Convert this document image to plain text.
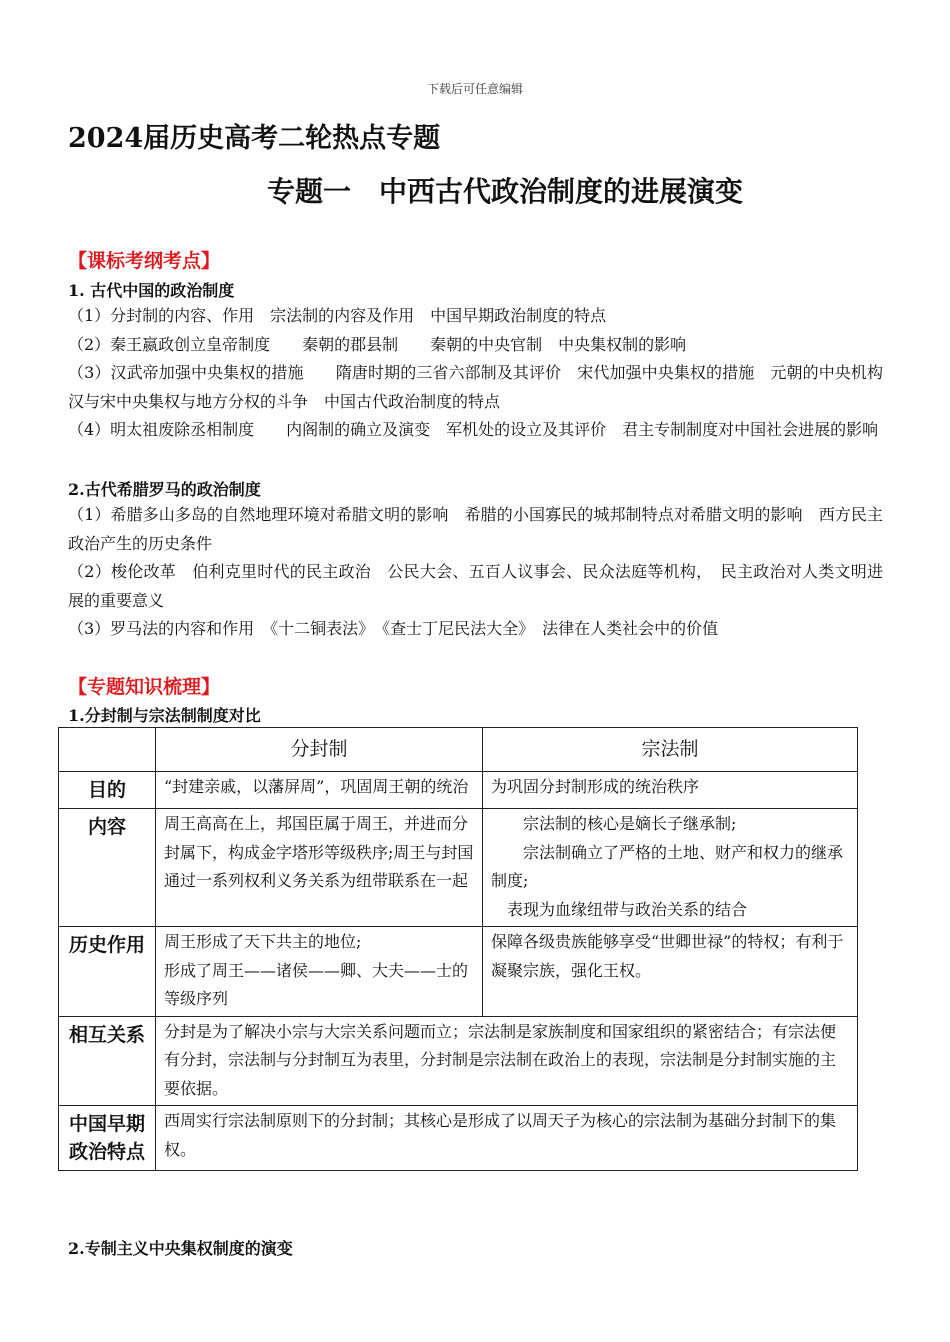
下载后可任意编辑
2024届历史高考二轮热点专题
专题一　中西古代政治制度的进展演变
【课标考纲考点】
1. 古代中国的政治制度
（1）分封制的内容、作用　宗法制的内容及作用　中国早期政治制度的特点
（2）秦王嬴政创立皇帝制度　　秦朝的郡县制　　秦朝的中央官制　中央集权制的影响
（3）汉武帝加强中央集权的措施　　隋唐时期的三省六部制及其评价　宋代加强中央集权的措施　元朝的中央机构　汉与宋中央集权与地方分权的斗争　中国古代政治制度的特点
（4）明太祖废除丞相制度　　内阁制的确立及演变　军机处的设立及其评价　君主专制制度对中国社会进展的影响
2.古代希腊罗马的政治制度
（1）希腊多山多岛的自然地理环境对希腊文明的影响　希腊的小国寡民的城邦制特点对希腊文明的影响　西方民主政治产生的历史条件
（2）梭伦改革　伯利克里时代的民主政治　公民大会、五百人议事会、民众法庭等机构，　民主政治对人类文明进展的重要意义
（3）罗马法的内容和作用　《十二铜表法》　《查士丁尼民法大全》　法律在人类社会中的价值
【专题知识梳理】
1.分封制与宗法制制度对比
	分封制	宗法制
目的	“封建亲戚，以藩屏周”，巩固周王朝的统治	为巩固分封制形成的统治秩序
内容	周王高高在上，邦国臣属于周王，并进而分封属下，构成金字塔形等级秩序;周王与封国通过一系列权利义务关系为纽带联系在一起	宗法制的核心是嫡长子继承制;
宗法制确立了严格的土地、财产和权力的继承制度;
表现为血缘纽带与政治关系的结合

历史作用	周王形成了天下共主的地位;
形成了周王——诸侯——卿、大夫——士的等级序列	保障各级贵族能够享受“世卿世禄”的特权；有利于凝聚宗族，强化王权。
相互关系	分封是为了解决小宗与大宗关系问题而立；宗法制是家族制度和国家组织的紧密结合；有宗法便有分封，宗法制与分封制互为表里，分封制是宗法制在政治上的表现，宗法制是分封制实施的主要依据。	
中国早期政治特点	西周实行宗法制原则下的分封制；其核心是形成了以周天子为核心的宗法制为基础分封制下的集权。	
2.专制主义中央集权制度的演变
